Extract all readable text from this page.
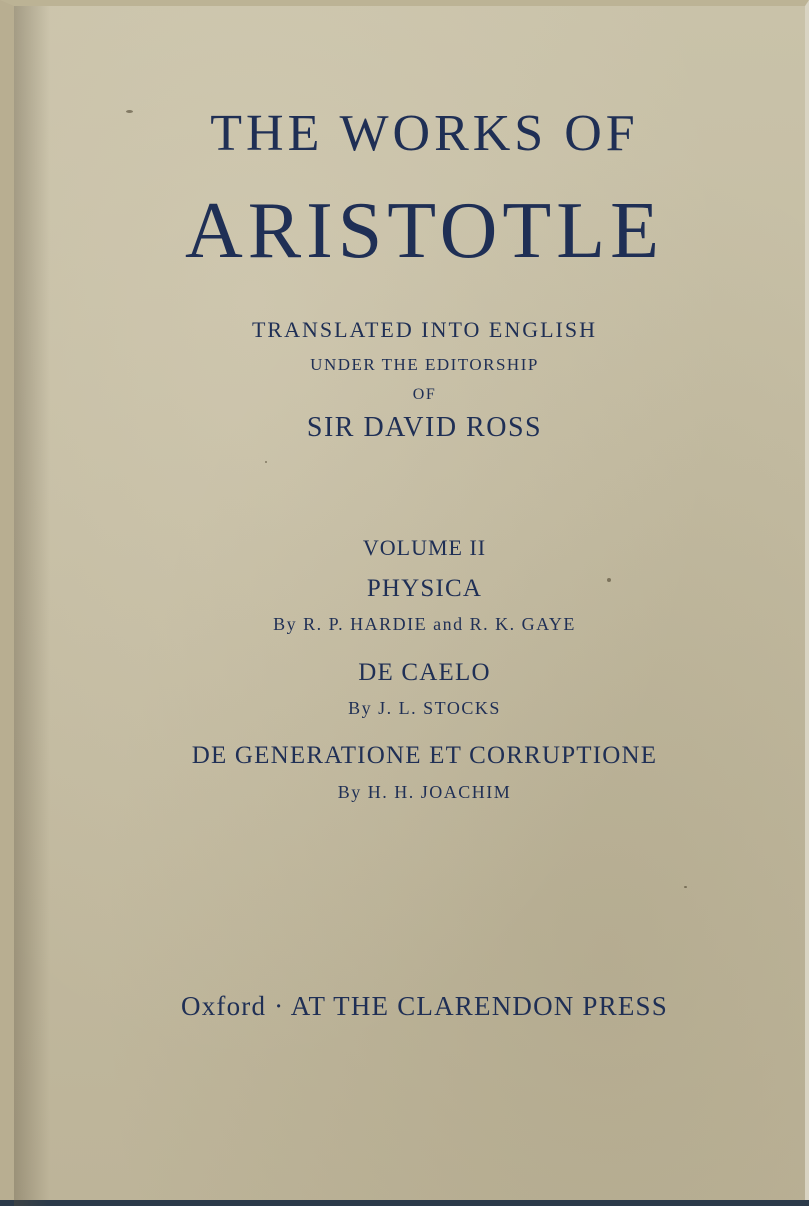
THE WORKS OF
ARISTOTLE
TRANSLATED INTO ENGLISH
UNDER THE EDITORSHIP
OF
SIR DAVID ROSS
VOLUME II
PHYSICA
By R. P. HARDIE and R. K. GAYE
DE CAELO
By J. L. STOCKS
DE GENERATIONE ET CORRUPTIONE
By H. H. JOACHIM
Oxford · AT THE CLARENDON PRESS
